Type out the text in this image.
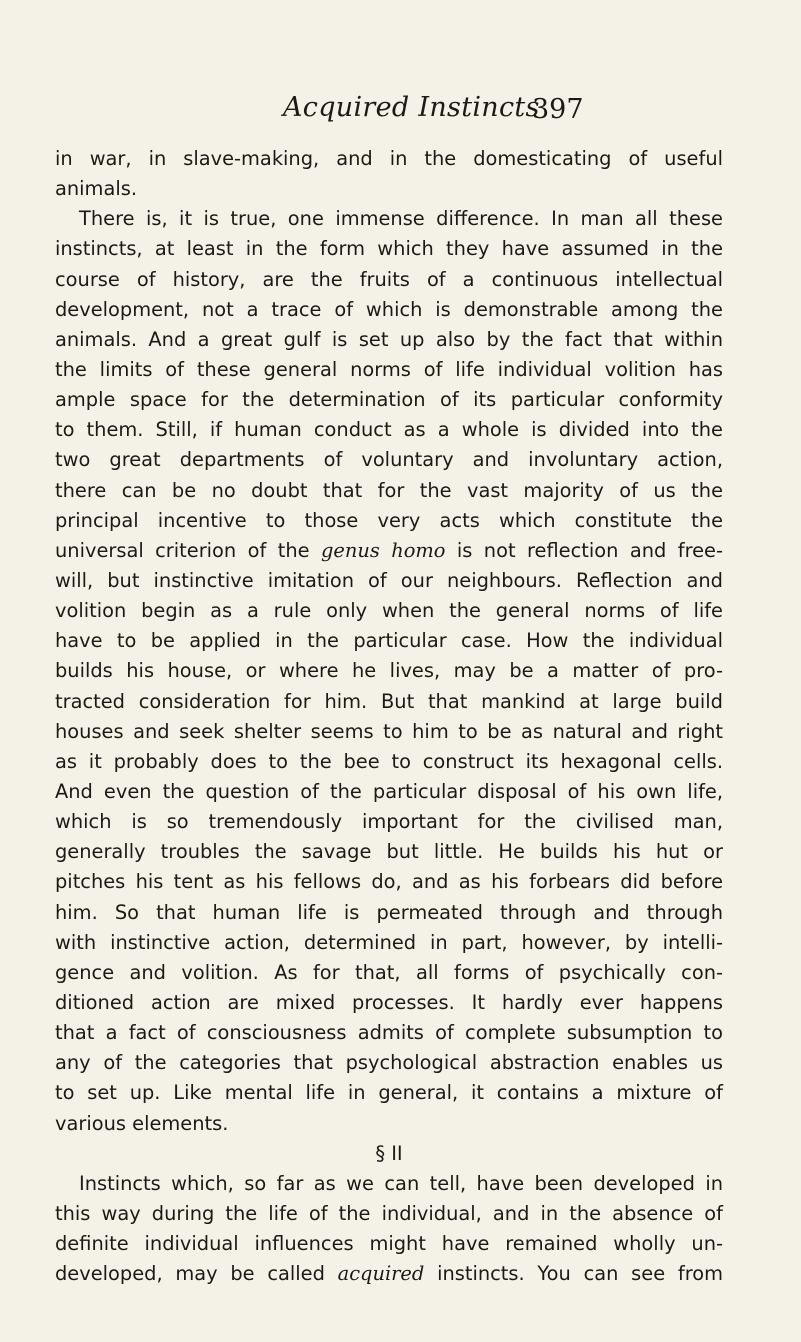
Acquired Instincts
397
in war, in slave-making, and in the domesticating of useful
animals.
There is, it is true, one immense difference. In man all these
instincts, at least in the form which they have assumed in the
course of history, are the fruits of a continuous intellectual
development, not a trace of which is demonstrable among the
animals. And a great gulf is set up also by the fact that within
the limits of these general norms of life individual volition has
ample space for the determination of its particular conformity
to them. Still, if human conduct as a whole is divided into the
two great departments of voluntary and involuntary action,
there can be no doubt that for the vast majority of us the
principal incentive to those very acts which constitute the
universal criterion of the genus homo is not reflection and free-
will, but instinctive imitation of our neighbours. Reflection and
volition begin as a rule only when the general norms of life
have to be applied in the particular case. How the individual
builds his house, or where he lives, may be a matter of pro-
tracted consideration for him. But that mankind at large build
houses and seek shelter seems to him to be as natural and right
as it probably does to the bee to construct its hexagonal cells.
And even the question of the particular disposal of his own life,
which is so tremendously important for the civilised man,
generally troubles the savage but little. He builds his hut or
pitches his tent as his fellows do, and as his forbears did before
him. So that human life is permeated through and through
with instinctive action, determined in part, however, by intelli-
gence and volition. As for that, all forms of psychically con-
ditioned action are mixed processes. It hardly ever happens
that a fact of consciousness admits of complete subsumption to
any of the categories that psychological abstraction enables us
to set up. Like mental life in general, it contains a mixture of
various elements.
§ II
Instincts which, so far as we can tell, have been developed in
this way during the life of the individual, and in the absence of
definite individual influences might have remained wholly un-
developed, may be called acquired instincts. You can see from
